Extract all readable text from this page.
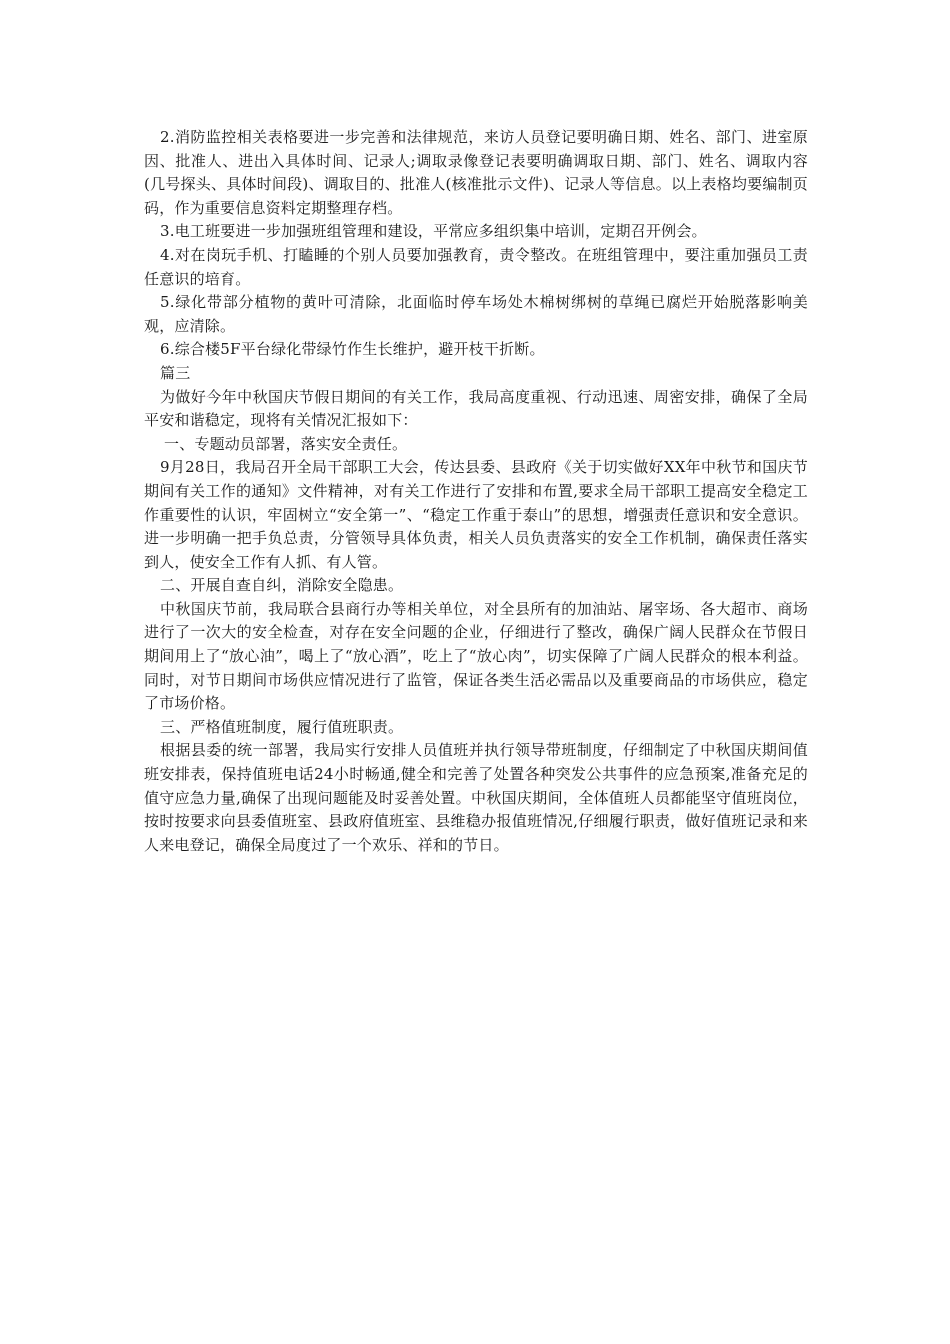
2.消防监控相关表格要进一步完善和法律规范，来访人员登记要明确日期、姓名、部门、进室原因、批准人、进出入具体时间、记录人;调取录像登记表要明确调取日期、部门、姓名、调取内容(几号探头、具体时间段)、调取目的、批准人(核准批示文件)、记录人等信息。以上表格均要编制页码，作为重要信息资料定期整理存档。

3.电工班要进一步加强班组管理和建设，平常应多组织集中培训，定期召开例会。

4.对在岗玩手机、打瞌睡的个别人员要加强教育，责令整改。在班组管理中，要注重加强员工责任意识的培育。

5.绿化带部分植物的黄叶可清除，北面临时停车场处木棉树绑树的草绳已腐烂开始脱落影响美观，应清除。

6.综合楼5F平台绿化带绿竹作生长维护，避开枝干折断。

篇三

为做好今年中秋国庆节假日期间的有关工作，我局高度重视、行动迅速、周密安排，确保了全局平安和谐稳定，现将有关情况汇报如下：

一、专题动员部署，落实安全责任。

9月28日，我局召开全局干部职工大会，传达县委、县政府《关于切实做好XX年中秋节和国庆节期间有关工作的通知》文件精神，对有关工作进行了安排和布置,要求全局干部职工提高安全稳定工作重要性的认识，牢固树立“安全第一”、“稳定工作重于泰山”的思想，增强责任意识和安全意识。进一步明确一把手负总责，分管领导具体负责，相关人员负责落实的安全工作机制，确保责任落实到人，使安全工作有人抓、有人管。

二、开展自查自纠，消除安全隐患。

中秋国庆节前，我局联合县商行办等相关单位，对全县所有的加油站、屠宰场、各大超市、商场进行了一次大的安全检查，对存在安全问题的企业，仔细进行了整改，确保广阔人民群众在节假日期间用上了“放心油”，喝上了“放心酒”，吃上了“放心肉”，切实保障了广阔人民群众的根本利益。同时，对节日期间市场供应情况进行了监管，保证各类生活必需品以及重要商品的市场供应，稳定了市场价格。

三、严格值班制度，履行值班职责。

根据县委的统一部署，我局实行安排人员值班并执行领导带班制度，仔细制定了中秋国庆期间值班安排表，保持值班电话24小时畅通,健全和完善了处置各种突发公共事件的应急预案,准备充足的值守应急力量,确保了出现问题能及时妥善处置。中秋国庆期间，全体值班人员都能坚守值班岗位，按时按要求向县委值班室、县政府值班室、县维稳办报值班情况,仔细履行职责，做好值班记录和来人来电登记，确保全局度过了一个欢乐、祥和的节日。
